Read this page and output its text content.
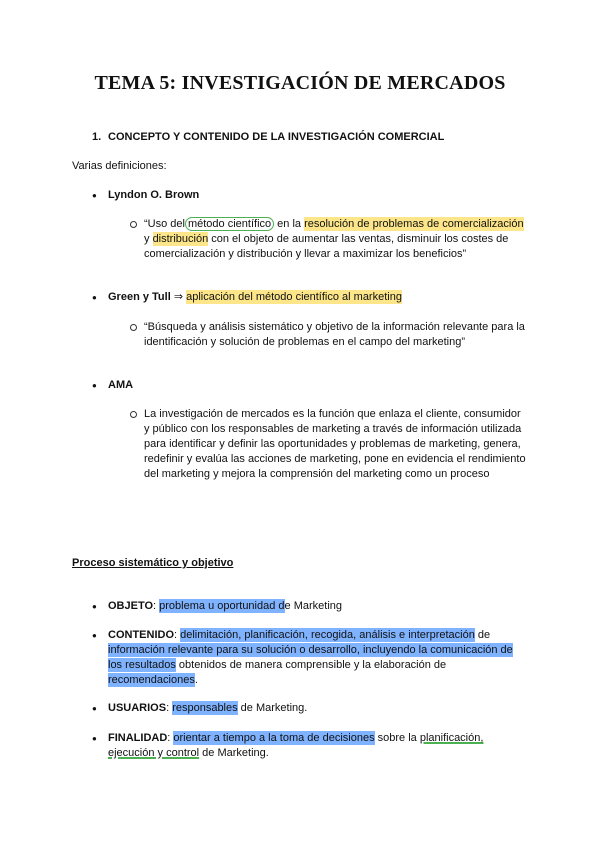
TEMA 5: INVESTIGACIÓN DE MERCADOS
1. CONCEPTO Y CONTENIDO DE LA INVESTIGACIÓN COMERCIAL
Varias definiciones:
● Lyndon O. Brown
“Uso del método científico en la resolución de problemas de comercialización y distribución con el objeto de aumentar las ventas, disminuir los costes de comercialización y distribución y llevar a maximizar los beneficios”
● Green y Tull ⇒ aplicación del método científico al marketing
“Búsqueda y análisis sistemático y objetivo de la información relevante para la identificación y solución de problemas en el campo del marketing”
● AMA
La investigación de mercados es la función que enlaza el cliente, consumidor y público con los responsables de marketing a través de información utilizada para identificar y definir las oportunidades y problemas de marketing, genera, redefinir y evalúa las acciones de marketing, pone en evidencia el rendimiento del marketing y mejora la comprensión del marketing como un proceso
Proceso sistemático y objetivo
● OBJETO: problema u oportunidad de Marketing
● CONTENIDO: delimitación, planificación, recogida, análisis e interpretación de información relevante para su solución o desarrollo, incluyendo la comunicación de los resultados obtenidos de manera comprensible y la elaboración de recomendaciones.
● USUARIOS: responsables de Marketing.
● FINALIDAD: orientar a tiempo a la toma de decisiones sobre la planificación, ejecución y control de Marketing.
